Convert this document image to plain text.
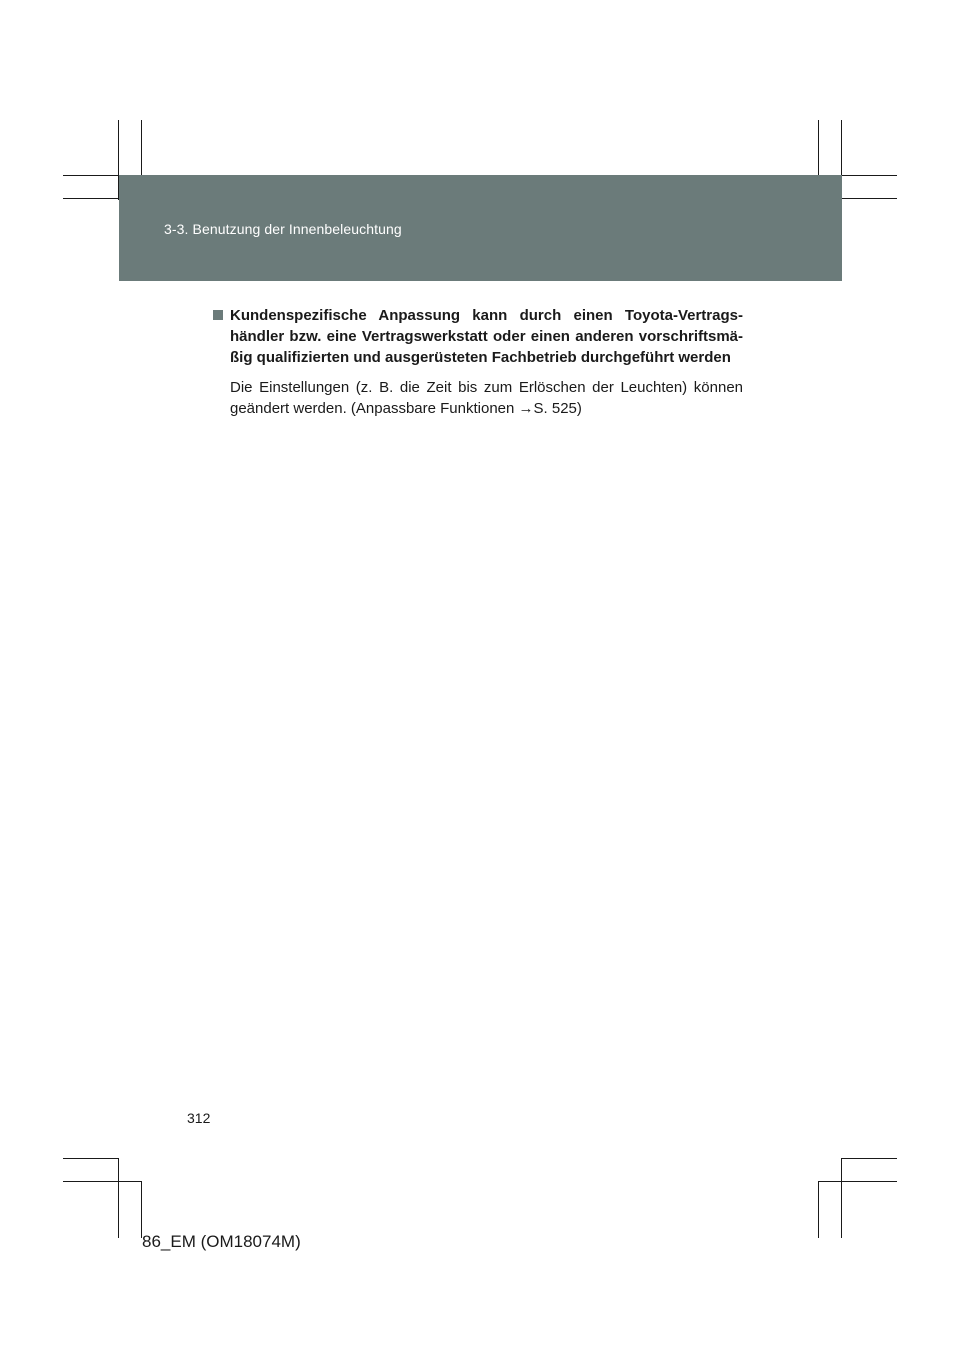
3-3. Benutzung der Innenbeleuchtung
Kundenspezifische Anpassung kann durch einen Toyota-Vertrags- händler bzw. eine Vertragswerkstatt oder einen anderen vorschriftsmä- ßig qualifizierten und ausgerüsteten Fachbetrieb durchgeführt werden
Die Einstellungen (z. B. die Zeit bis zum Erlöschen der Leuchten) können geändert werden. (Anpassbare Funktionen →S. 525)
312
86_EM (OM18074M)
